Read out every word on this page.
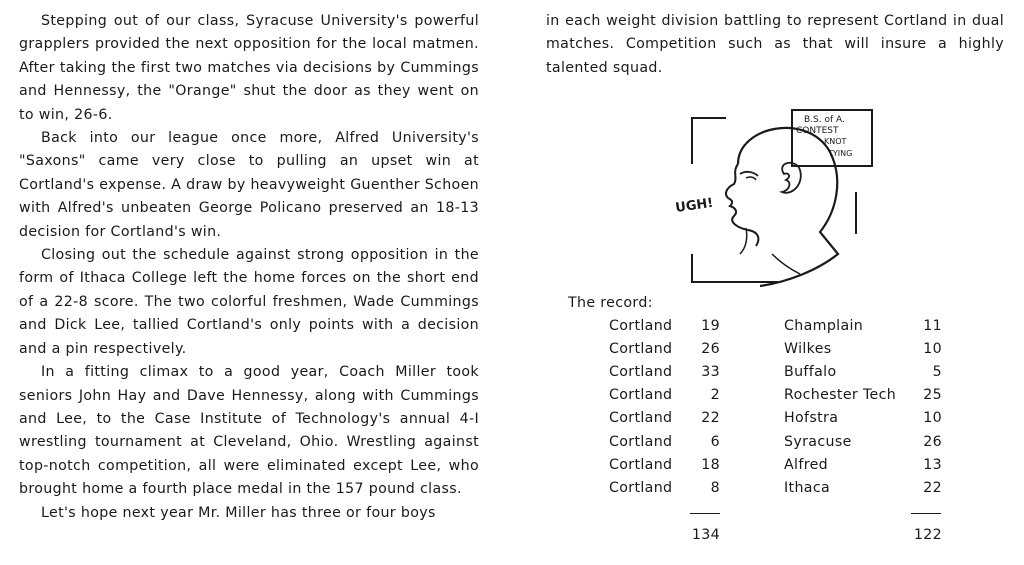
Stepping out of our class, Syracuse University's powerful grapplers provided the next opposition for the local matmen. After taking the first two matches via decisions by Cummings and Hennessy, the "Orange" shut the door as they went on to win, 26-6.

Back into our league once more, Alfred University's "Saxons" came very close to pulling an upset win at Cortland's expense. A draw by heavyweight Guenther Schoen with Alfred's unbeaten George Policano preserved an 18-13 decision for Cortland's win.

Closing out the schedule against strong opposition in the form of Ithaca College left the home forces on the short end of a 22-8 score. The two colorful freshmen, Wade Cummings and Dick Lee, tallied Cortland's only points with a decision and a pin respectively.

In a fitting climax to a good year, Coach Miller took seniors John Hay and Dave Hennessy, along with Cummings and Lee, to the Case Institute of Technology's annual 4-I wrestling tournament at Cleveland, Ohio. Wrestling against top-notch competition, all were eliminated except Lee, who brought home a fourth place medal in the 157 pound class.

Let's hope next year Mr. Miller has three or four boys

in each weight division battling to represent Cortland in dual matches. Competition such as that will insure a highly talented squad.

B.S. of A.
CONTEST
KNOT
TYING
UGH!
The record:
Cortland 19	Champlain	11
Cortland 26	Wilkes	10
Cortland 33	Buffalo	5
Cortland	2	Rochester Tech 25
Cortland 22	Hofstra	10
Cortland	6	Syracuse	26
Cortland 18	Alfred	13
Cortland	8	Ithaca	22
134	122
